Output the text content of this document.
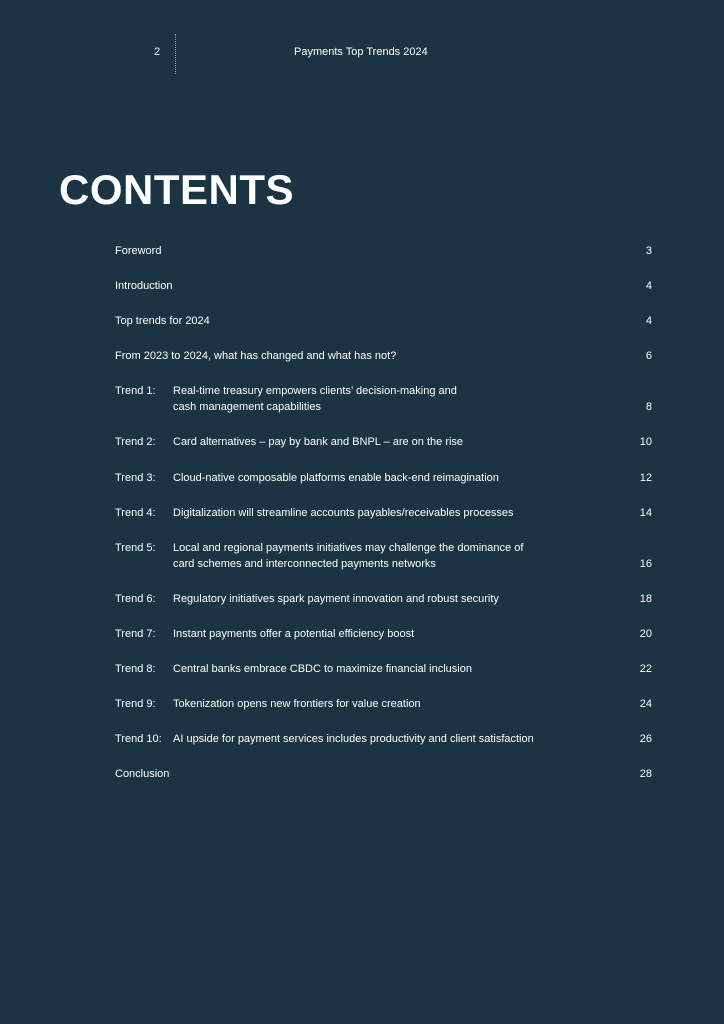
2	Payments Top Trends 2024
CONTENTS
Foreword	3
Introduction	4
Top trends for 2024	4
From 2023 to 2024, what has changed and what has not?	6
Trend 1: Real-time treasury empowers clients’ decision-making and
cash management capabilities	8
Trend 2: Card alternatives – pay by bank and BNPL – are on the rise	10
Trend 3: Cloud-native composable platforms enable back-end reimagination	12
Trend 4: Digitalization will streamline accounts payables/receivables processes	14
Trend 5: Local and regional payments initiatives may challenge the dominance of
card schemes and interconnected payments networks	16
Trend 6: Regulatory initiatives spark payment innovation and robust security	18
Trend 7: Instant payments offer a potential efficiency boost	20
Trend 8: Central banks embrace CBDC to maximize financial inclusion	22
Trend 9: Tokenization opens new frontiers for value creation	24
Trend 10: AI upside for payment services includes productivity and client satisfaction	26
Conclusion	28
